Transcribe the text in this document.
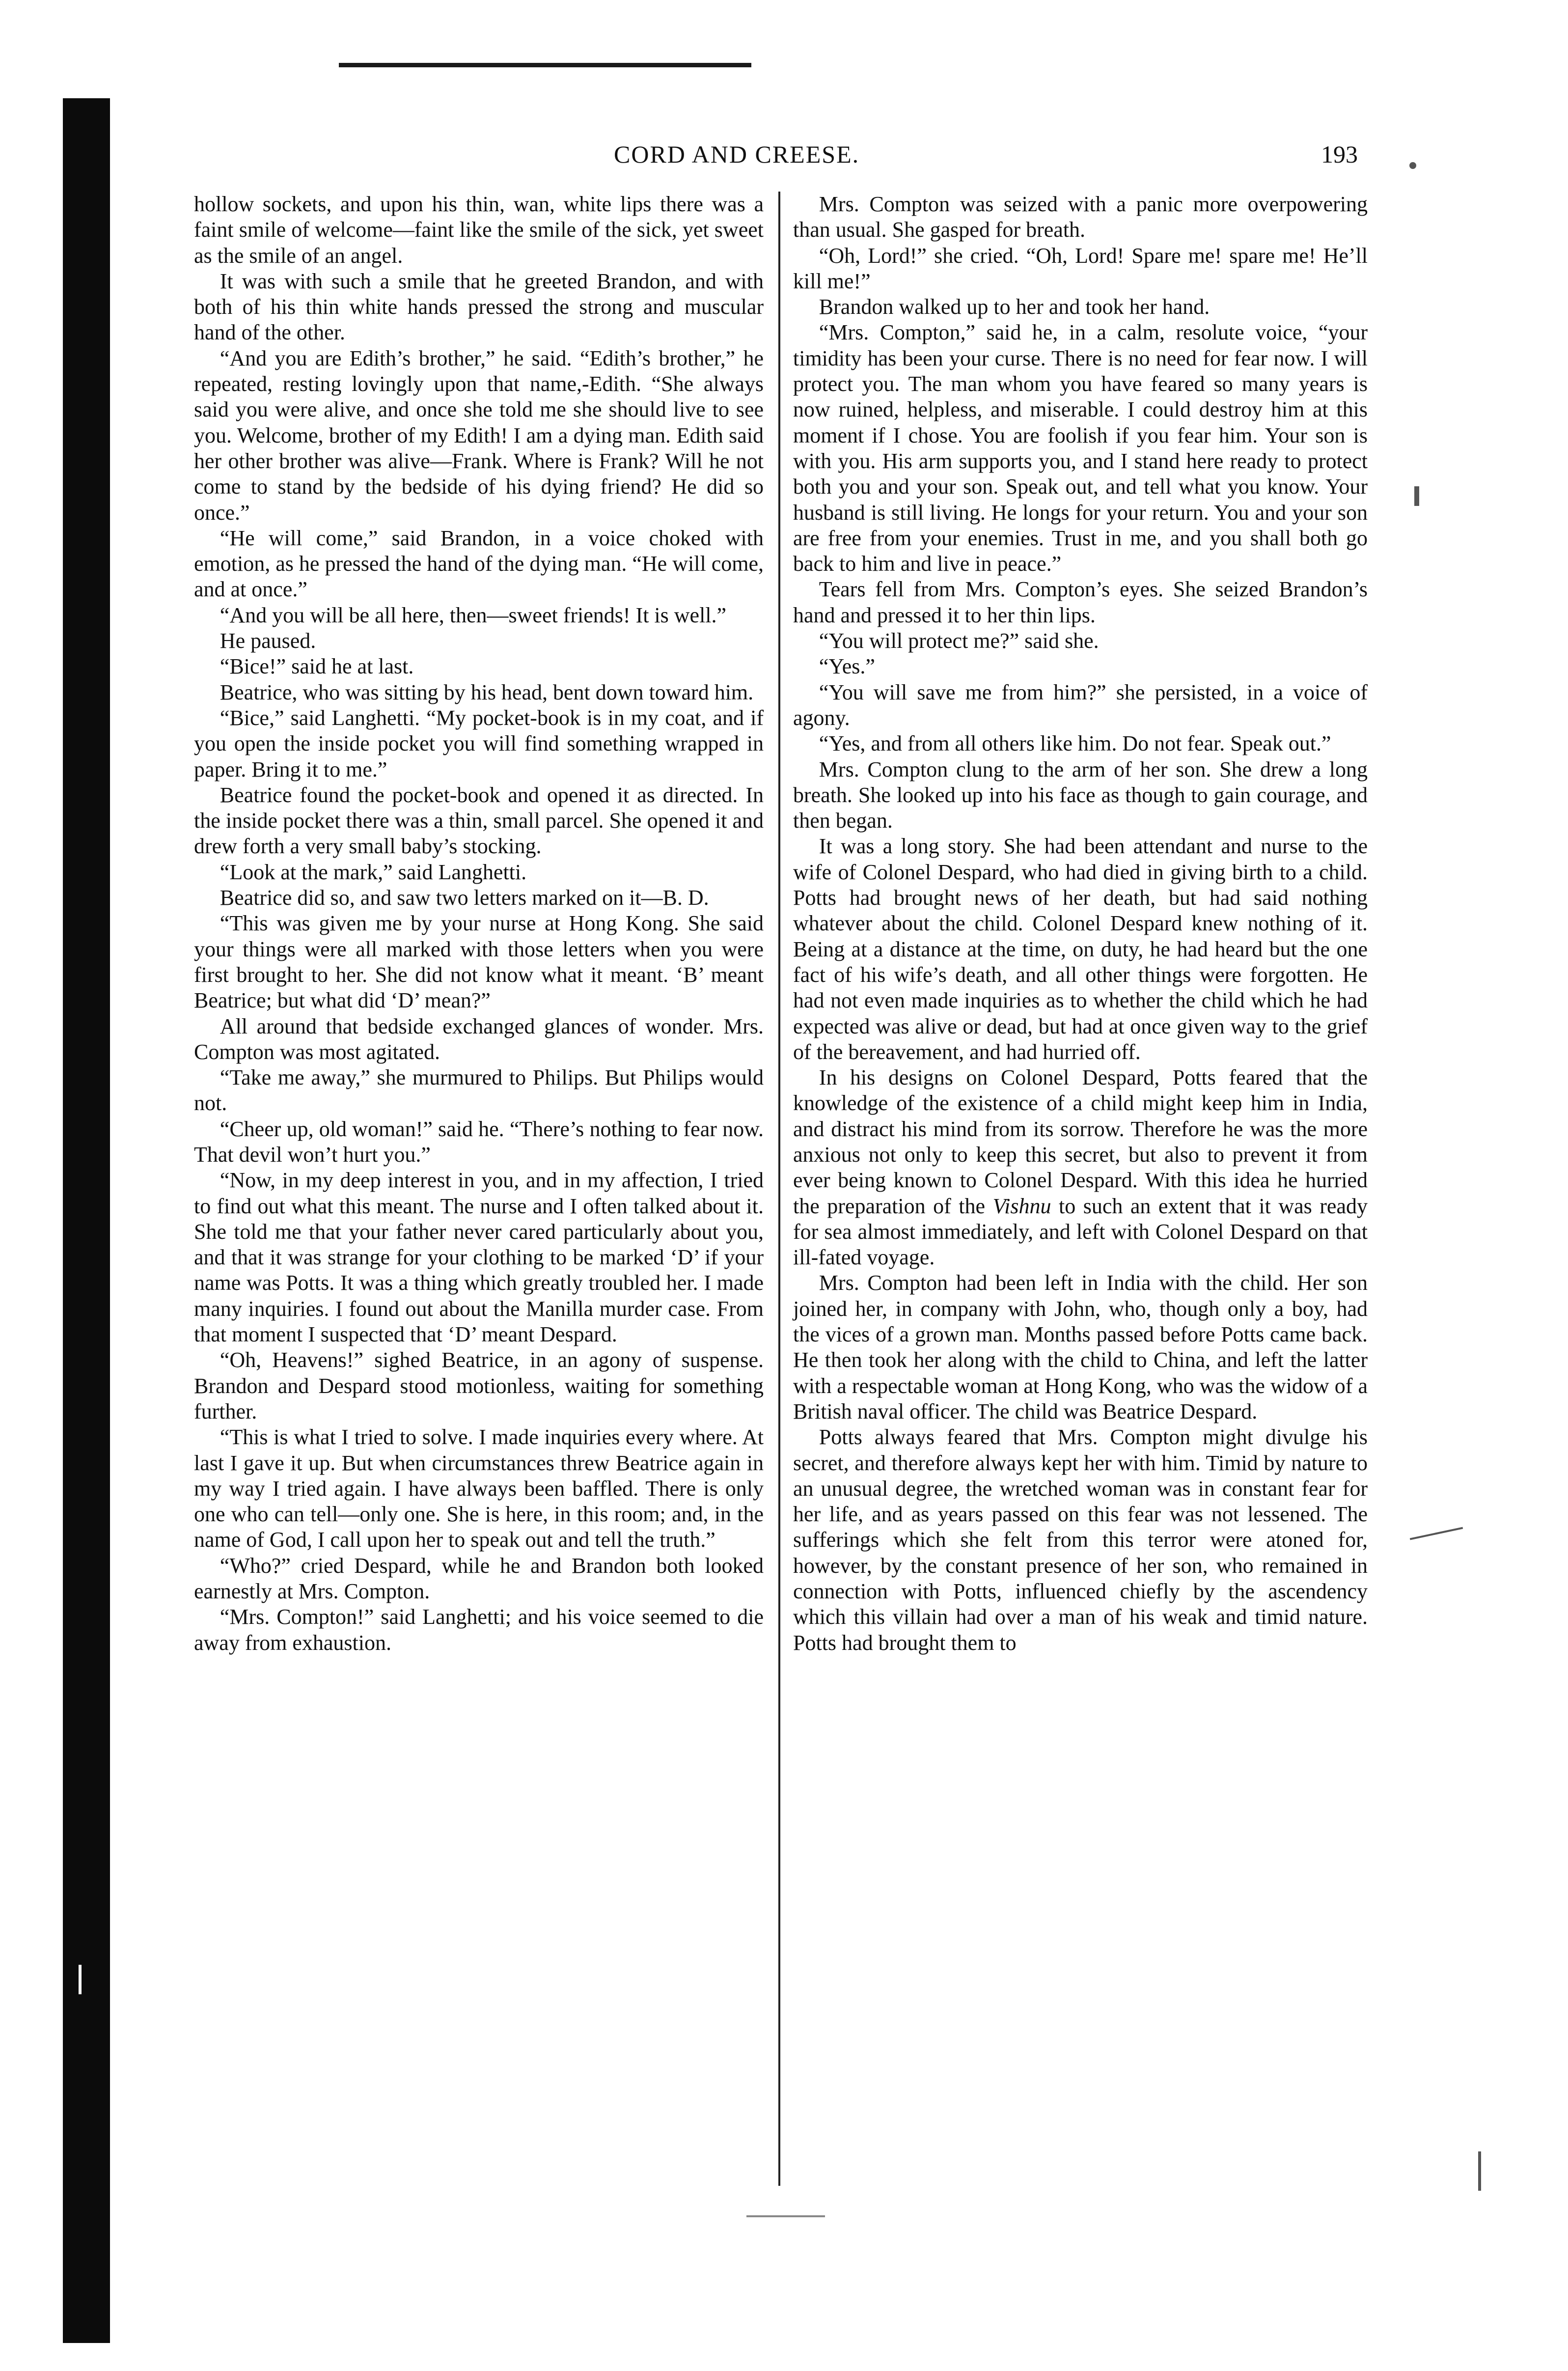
CORD AND CREESE.	193

hollow sockets, and upon his thin, wan, white lips there was a faint smile of welcome—faint like the smile of the sick, yet sweet as the smile of an angel.

It was with such a smile that he greeted Brandon, and with both of his thin white hands pressed the strong and muscular hand of the other.

“And you are Edith’s brother,” he said. “Edith’s brother,” he repeated, resting lovingly upon that name,-Edith. “She always said you were alive, and once she told me she should live to see you. Welcome, brother of my Edith! I am a dying man. Edith said her other brother was alive—Frank. Where is Frank? Will he not come to stand by the bedside of his dying friend? He did so once.”

“He will come,” said Brandon, in a voice choked with emotion, as he pressed the hand of the dying man. “He will come, and at once.”

“And you will be all here, then—sweet friends! It is well.”

He paused.

“Bice!” said he at last.

Beatrice, who was sitting by his head, bent down toward him.

“Bice,” said Langhetti. “My pocket-book is in my coat, and if you open the inside pocket you will find something wrapped in paper. Bring it to me.”

Beatrice found the pocket-book and opened it as directed. In the inside pocket there was a thin, small parcel. She opened it and drew forth a very small baby’s stocking.

“Look at the mark,” said Langhetti.

Beatrice did so, and saw two letters marked on it—B. D.

“This was given me by your nurse at Hong Kong. She said your things were all marked with those letters when you were first brought to her. She did not know what it meant. ‘B’ meant Beatrice; but what did ‘D’ mean?”

All around that bedside exchanged glances of wonder. Mrs. Compton was most agitated.

“Take me away,” she murmured to Philips. But Philips would not.

“Cheer up, old woman!” said he. “There’s nothing to fear now. That devil won’t hurt you.”

“Now, in my deep interest in you, and in my affection, I tried to find out what this meant. The nurse and I often talked about it. She told me that your father never cared particularly about you, and that it was strange for your clothing to be marked ‘D’ if your name was Potts. It was a thing which greatly troubled her. I made many inquiries. I found out about the Manilla murder case. From that moment I suspected that ‘D’ meant Despard.

“Oh, Heavens!” sighed Beatrice, in an agony of suspense. Brandon and Despard stood motionless, waiting for something further.

“This is what I tried to solve. I made inquiries every where. At last I gave it up. But when circumstances threw Beatrice again in my way I tried again. I have always been baffled. There is only one who can tell—only one. She is here, in this room; and, in the name of God, I call upon her to speak out and tell the truth.”

“Who?” cried Despard, while he and Brandon both looked earnestly at Mrs. Compton.

“Mrs. Compton!” said Langhetti; and his voice seemed to die away from exhaustion.

Mrs. Compton was seized with a panic more overpowering than usual. She gasped for breath.

“Oh, Lord!” she cried. “Oh, Lord! Spare me! spare me! He’ll kill me!”

Brandon walked up to her and took her hand.

“Mrs. Compton,” said he, in a calm, resolute voice, “your timidity has been your curse. There is no need for fear now. I will protect you. The man whom you have feared so many years is now ruined, helpless, and miserable. I could destroy him at this moment if I chose. You are foolish if you fear him. Your son is with you. His arm supports you, and I stand here ready to protect both you and your son. Speak out, and tell what you know. Your husband is still living. He longs for your return. You and your son are free from your enemies. Trust in me, and you shall both go back to him and live in peace.”

Tears fell from Mrs. Compton’s eyes. She seized Brandon’s hand and pressed it to her thin lips.

“You will protect me?” said she.

“Yes.”

“You will save me from him?” she persisted, in a voice of agony.

“Yes, and from all others like him. Do not fear. Speak out.”

Mrs. Compton clung to the arm of her son. She drew a long breath. She looked up into his face as though to gain courage, and then began.

It was a long story. She had been attendant and nurse to the wife of Colonel Despard, who had died in giving birth to a child. Potts had brought news of her death, but had said nothing whatever about the child. Colonel Despard knew nothing of it. Being at a distance at the time, on duty, he had heard but the one fact of his wife’s death, and all other things were forgotten. He had not even made inquiries as to whether the child which he had expected was alive or dead, but had at once given way to the grief of the bereavement, and had hurried off.

In his designs on Colonel Despard, Potts feared that the knowledge of the existence of a child might keep him in India, and distract his mind from its sorrow. Therefore he was the more anxious not only to keep this secret, but also to prevent it from ever being known to Colonel Despard. With this idea he hurried the preparation of the Vishnu to such an extent that it was ready for sea almost immediately, and left with Colonel Despard on that ill-fated voyage.

Mrs. Compton had been left in India with the child. Her son joined her, in company with John, who, though only a boy, had the vices of a grown man. Months passed before Potts came back. He then took her along with the child to China, and left the latter with a respectable woman at Hong Kong, who was the widow of a British naval officer. The child was Beatrice Despard.

Potts always feared that Mrs. Compton might divulge his secret, and therefore always kept her with him. Timid by nature to an unusual degree, the wretched woman was in constant fear for her life, and as years passed on this fear was not lessened. The sufferings which she felt from this terror were atoned for, however, by the constant presence of her son, who remained in connection with Potts, influenced chiefly by the ascendency which this villain had over a man of his weak and timid nature. Potts had brought them to
